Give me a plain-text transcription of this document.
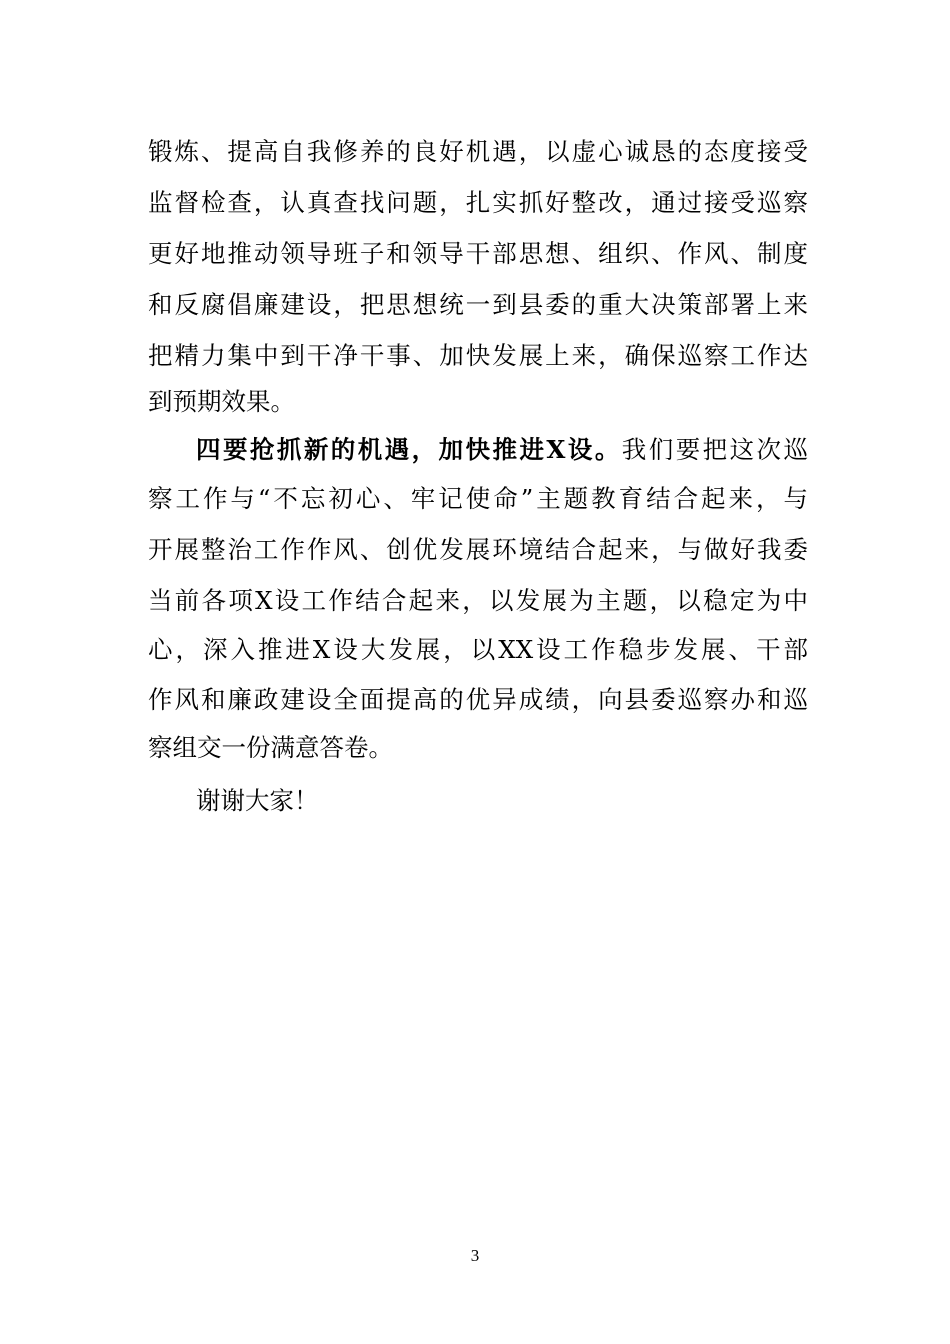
锻炼、提高自我修养的良好机遇，以虚心诚恳的态度接受
监督检查，认真查找问题，扎实抓好整改，通过接受巡察
更好地推动领导班子和领导干部思想、组织、作风、制度
和反腐倡廉建设，把思想统一到县委的重大决策部署上来
把精力集中到干净干事、加快发展上来，确保巡察工作达
到预期效果。
四要抢抓新的机遇，加快推进X设。我们要把这次巡
察工作与“不忘初心、牢记使命”主题教育结合起来，与
开展整治工作作风、创优发展环境结合起来，与做好我委
当前各项X设工作结合起来，以发展为主题，以稳定为中
心，深入推进X设大发展，以XX设工作稳步发展、干部
作风和廉政建设全面提高的优异成绩，向县委巡察办和巡
察组交一份满意答卷。
谢谢大家！
3
